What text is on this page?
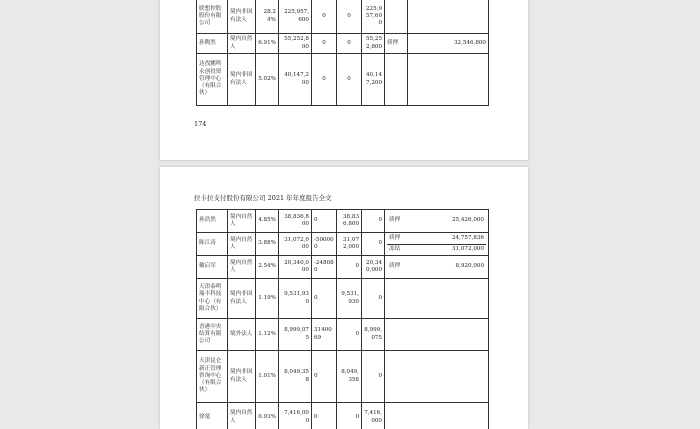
联想控股股份有限公司	境内非国有法人	28.24%	225,957,600	0	0	225,957,600		
孙陶然	境内自然人	6.91%	55,252,800	0	0	55,252,800	质押	32,546,800
达孜鹏鸣永创投资管理中心（有限合伙）	境内非国有法人	5.02%	40,147,200	0	0	40,147,200		
174
拉卡拉支付股份有限公司 2021 年年度报告全文
孙浩然	境内自然人	4.85%	38,836,800	0	38,836,800	0	质押 25,426,000

陈江涛	境内自然人	3.88%	31,072,000	-500000	31,072,000	0	质押 24,757,836
冻结 31,072,000

戴启军	境内自然人	2.54%	20,340,000	-248080	0	20,340,000	质押 8,920,000

天津泰鸣瑞丰科技中心（有限合伙）	境内非国有法人	1.19%	9,531,930	0	9,531,930	0	
香港中央结算有限公司	境外法人	1.12%	8,999,075	3140069	0	8,999,075	
天津昆仑新正管理咨询中心（有限合伙）	境内非国有法人	1.01%	8,049,358	0	8,049,358	0	
徐氪	境内自然人	0.93%	7,416,000	0	0	7,416,000	
